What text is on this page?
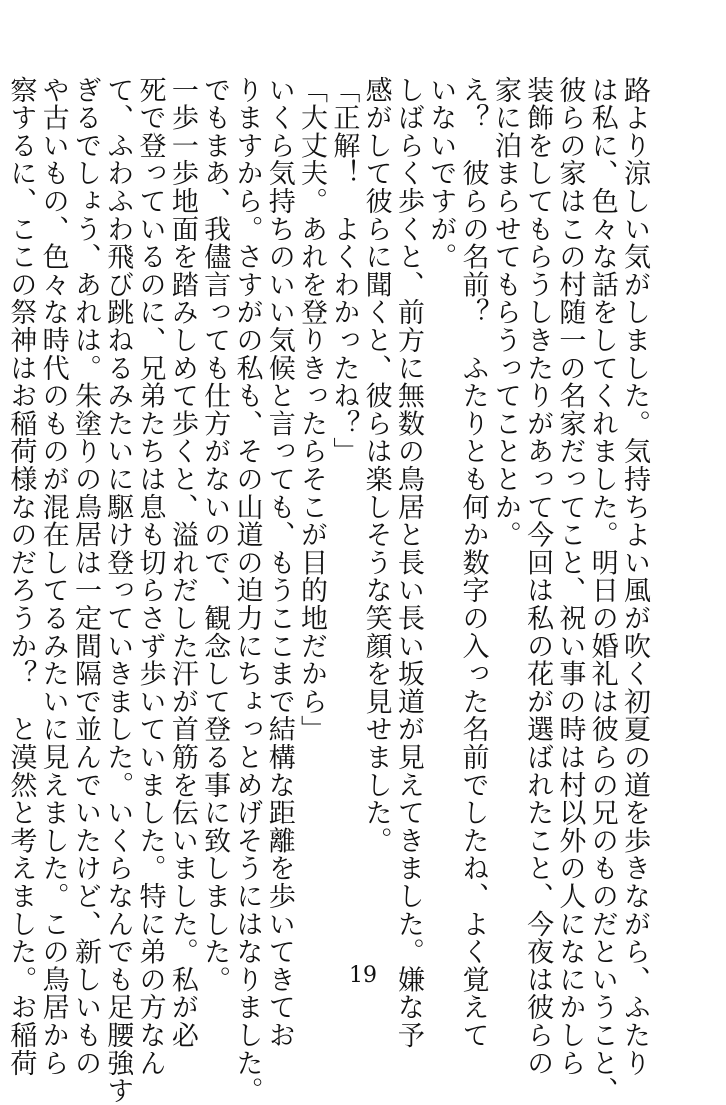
路より涼しい気がしました。気持ちよい風が吹く初夏の道を歩きながら、ふたり
は私に、色々な話をしてくれました。明日の婚礼は彼らの兄のものだということ、
彼らの家はこの村随一の名家だってこと、祝い事の時は村以外の人になにかしら
装飾をしてもらうしきたりがあって今回は私の花が選ばれたこと、今夜は彼らの
家に泊まらせてもらうってこととか。
え？　彼らの名前？　ふたりとも何か数字の入った名前でしたね、よく覚えて
いないですが。
しばらく歩くと、前方に無数の鳥居と長い長い坂道が見えてきました。嫌な予
感がして彼らに聞くと、彼らは楽しそうな笑顔を見せました。
「正解！　よくわかったね？」
「大丈夫。あれを登りきったらそこが目的地だから」
いくら気持ちのいい気候と言っても、もうここまで結構な距離を歩いてきてお
りますから。さすがの私も、その山道の迫力にちょっとめげそうにはなりました。
でもまあ、我儘言っても仕方がないので、観念して登る事に致しました。
一歩一歩地面を踏みしめて歩くと、溢れだした汗が首筋を伝いました。私が必
死で登っているのに、兄弟たちは息も切らさず歩いていました。特に弟の方なん
て、ふわふわ飛び跳ねるみたいに駆け登っていきました。いくらなんでも足腰強す
ぎるでしょう、あれは。朱塗りの鳥居は一定間隔で並んでいたけど、新しいもの
や古いもの、色々な時代のものが混在してるみたいに見えました。この鳥居から
察するに、ここの祭神はお稲荷様なのだろうか？　と漠然と考えました。お稲荷	19
